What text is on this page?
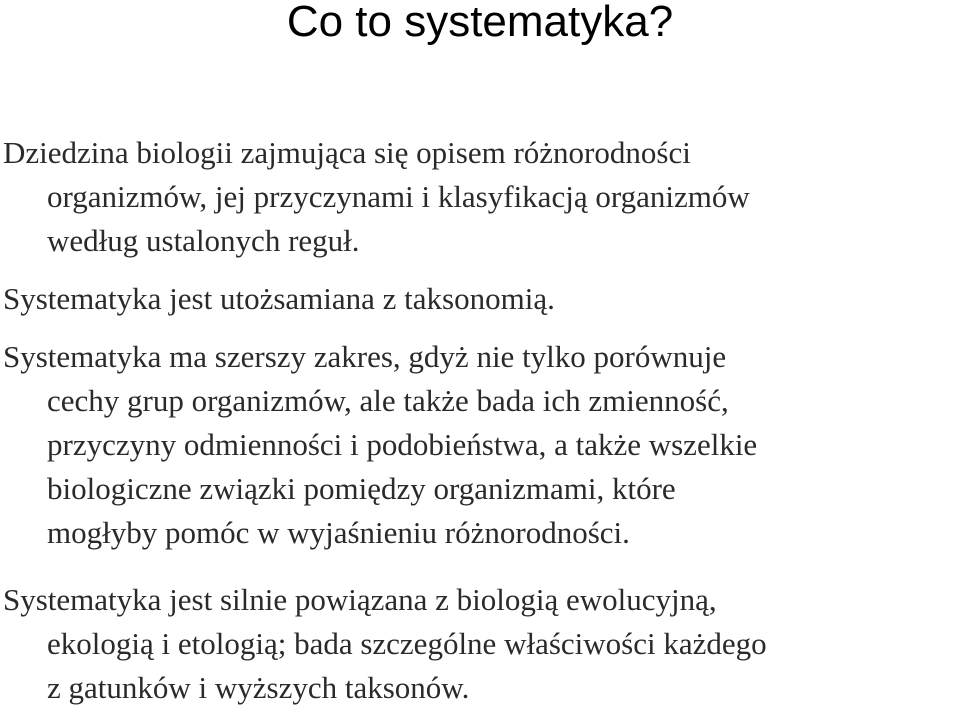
Co to systematyka?

Dziedzina biologii zajmująca się opisem różnorodności
organizmów, jej przyczynami i klasyfikacją organizmów
według ustalonych reguł.

Systematyka jest utożsamiana z taksonomią.

Systematyka ma szerszy zakres, gdyż nie tylko porównuje
cechy grup organizmów, ale także bada ich zmienność,
przyczyny odmienności i podobieństwa, a także wszelkie
biologiczne związki pomiędzy organizmami, które
mogłyby pomóc w wyjaśnieniu różnorodności.

Systematyka jest silnie powiązana z biologią ewolucyjną,
ekologią i etologią; bada szczególne właściwości każdego
z gatunków i wyższych taksonów.
